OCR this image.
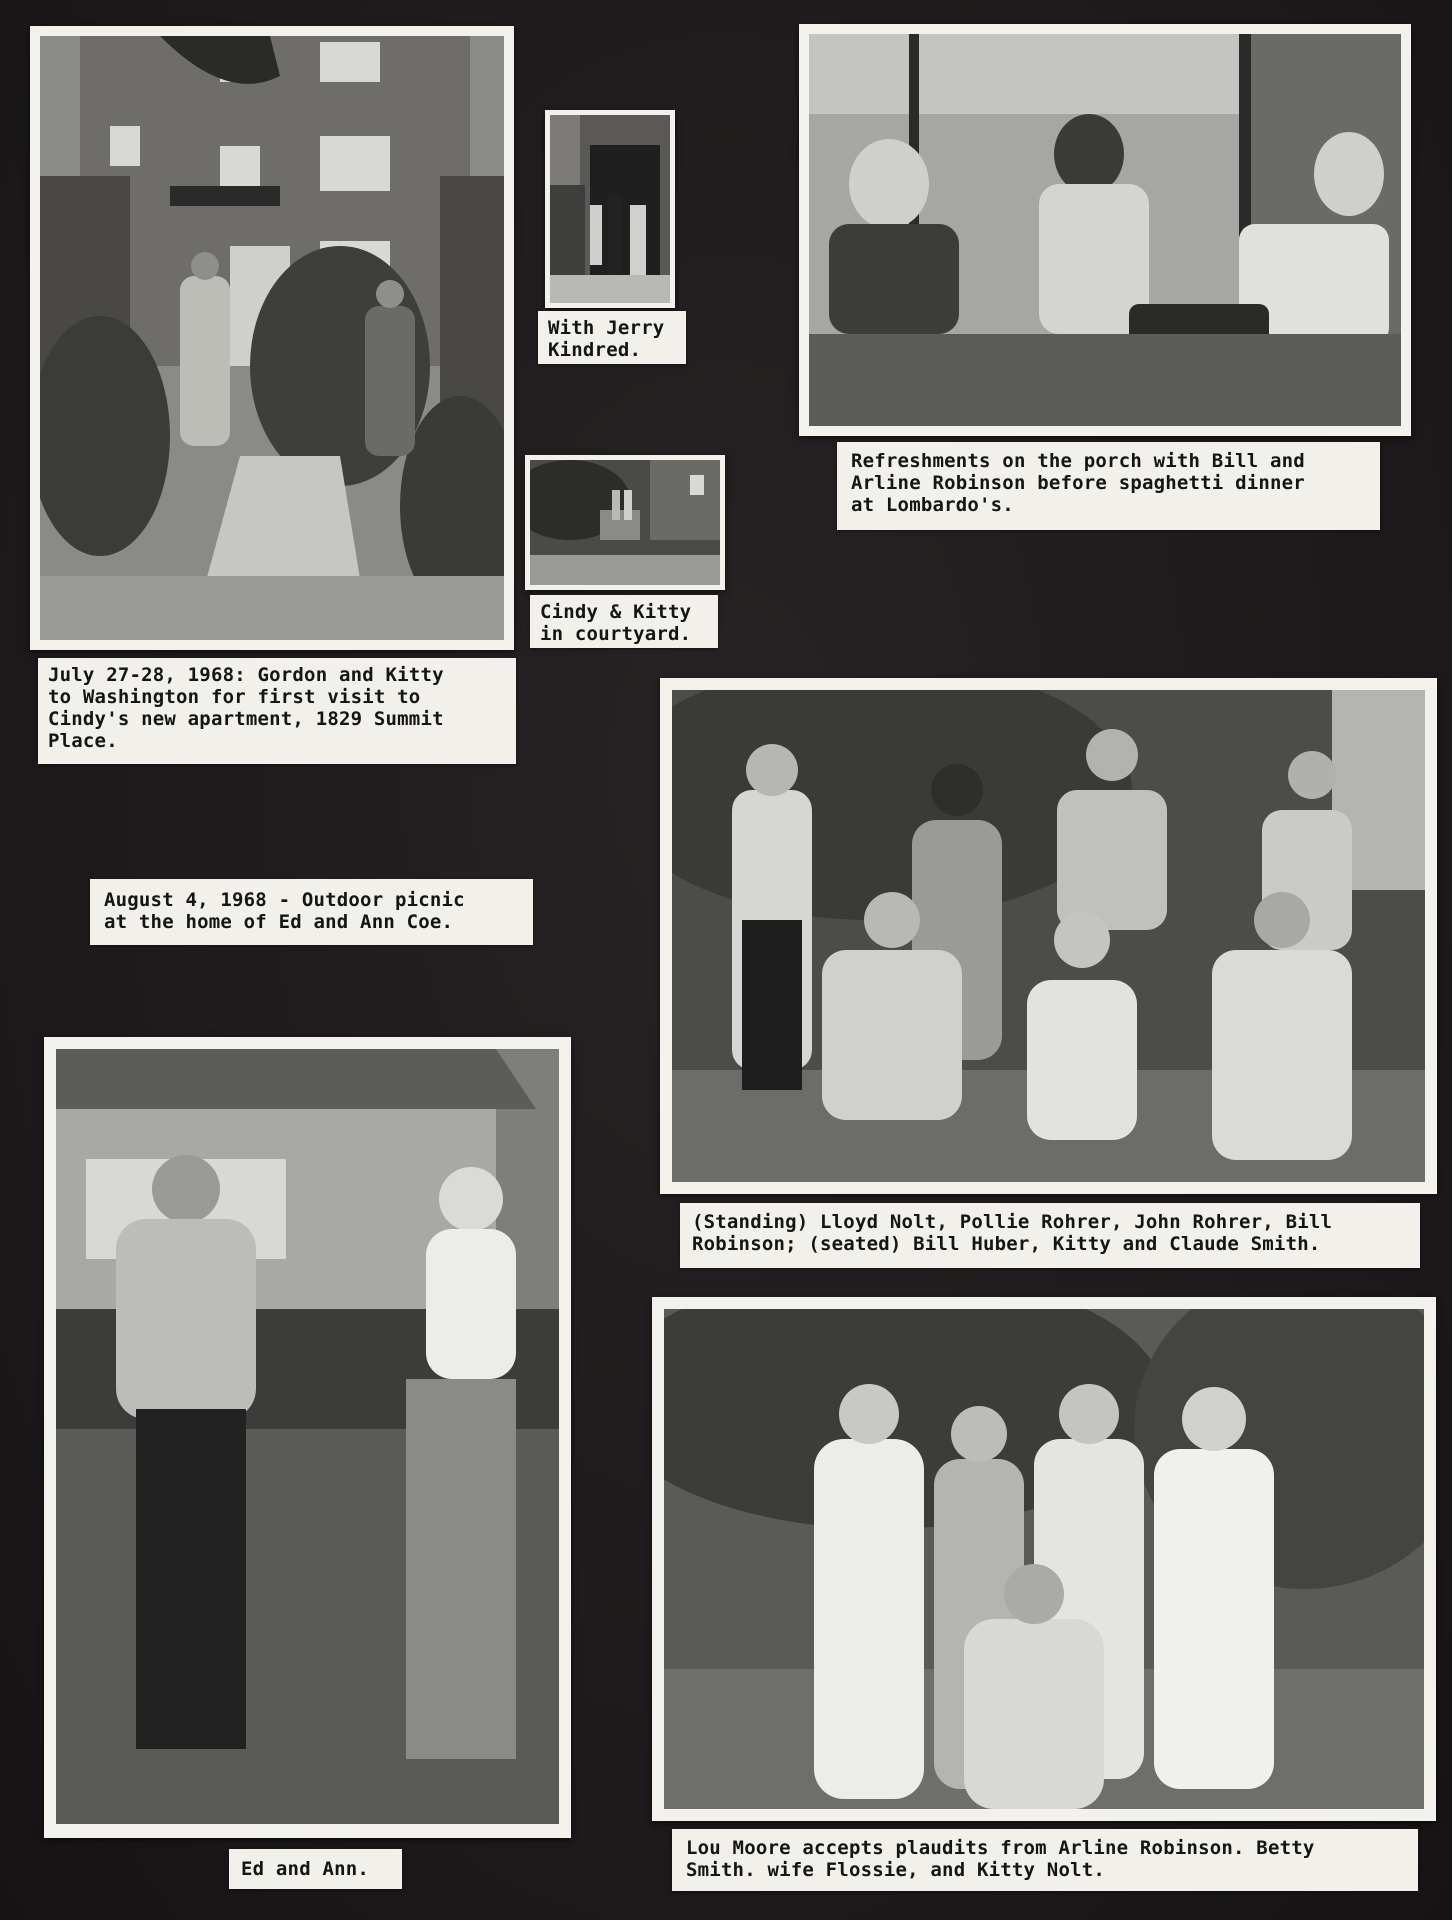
July 27-28, 1968: Gordon and Kitty
to Washington for first visit to
Cindy's new apartment, 1829 Summit
Place.
With Jerry
Kindred.
Cindy & Kitty
in courtyard.
Refreshments on the porch with Bill and
Arline Robinson before spaghetti dinner
at Lombardo's.
August 4, 1968 - Outdoor picnic
at the home of Ed and Ann Coe.
(Standing) Lloyd Nolt, Pollie Rohrer, John Rohrer, Bill
Robinson; (seated) Bill Huber, Kitty and Claude Smith.
Ed and Ann.
Lou Moore accepts plaudits from Arline Robinson. Betty
Smith. wife Flossie, and Kitty Nolt.
